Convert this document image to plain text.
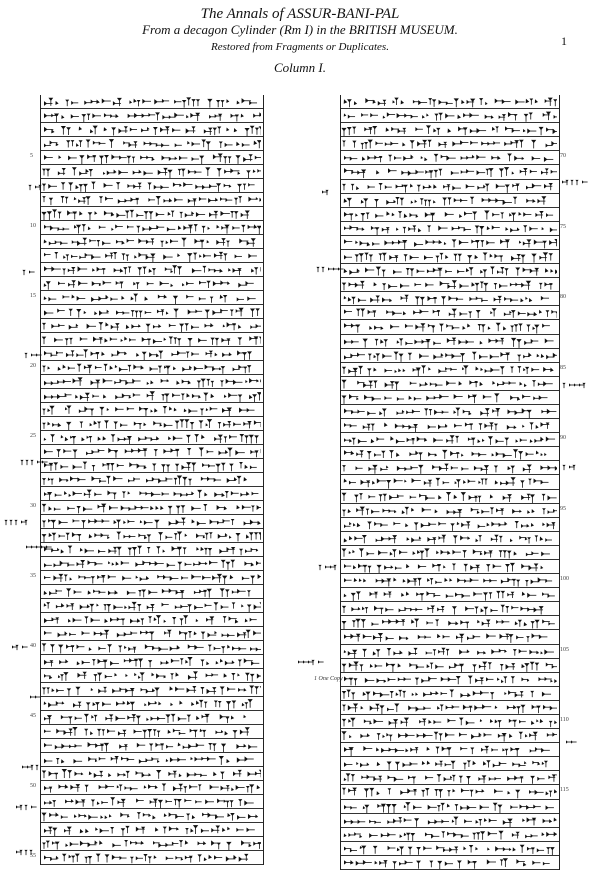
The Annals of ASSUR-BANI-PAL
From a decagon Cylinder (Rm I) in the BRITISH MUSEUM.
Restored from Fragments or Duplicates.
Column I.
1
1 One Copy
5
10
15
20
25
30
35
40
45
50
55
70
75
80
85
90
95
100
105
110
115
